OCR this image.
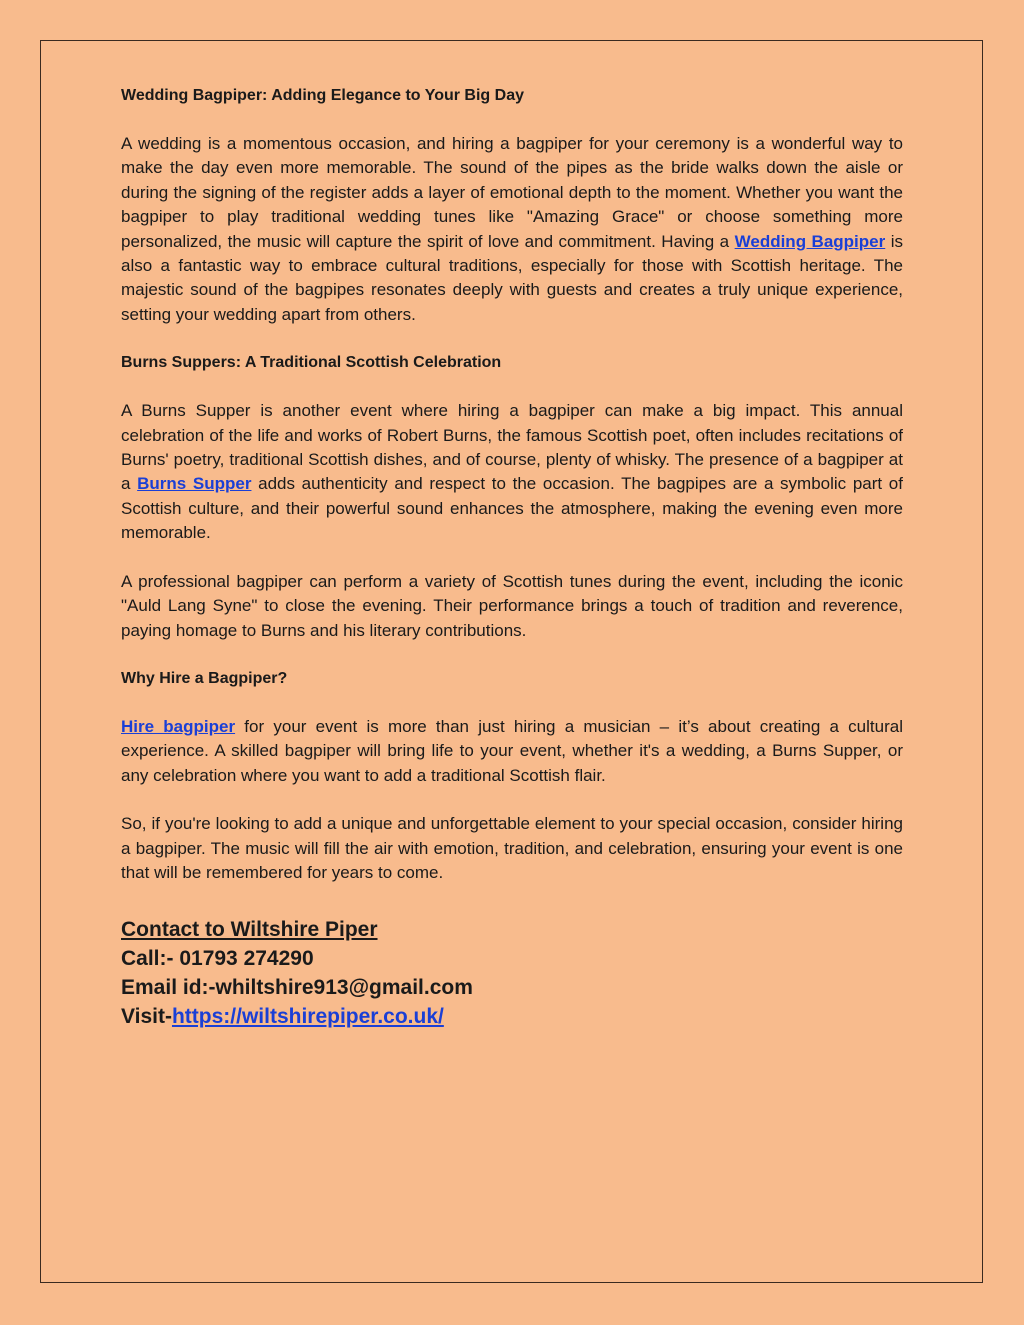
Wedding Bagpiper: Adding Elegance to Your Big Day

A wedding is a momentous occasion, and hiring a bagpiper for your ceremony is a wonderful way to make the day even more memorable. The sound of the pipes as the bride walks down the aisle or during the signing of the register adds a layer of emotional depth to the moment. Whether you want the bagpiper to play traditional wedding tunes like "Amazing Grace" or choose something more personalized, the music will capture the spirit of love and commitment. Having a Wedding Bagpiper is also a fantastic way to embrace cultural traditions, especially for those with Scottish heritage. The majestic sound of the bagpipes resonates deeply with guests and creates a truly unique experience, setting your wedding apart from others.

Burns Suppers: A Traditional Scottish Celebration

A Burns Supper is another event where hiring a bagpiper can make a big impact. This annual celebration of the life and works of Robert Burns, the famous Scottish poet, often includes recitations of Burns' poetry, traditional Scottish dishes, and of course, plenty of whisky. The presence of a bagpiper at a Burns Supper adds authenticity and respect to the occasion. The bagpipes are a symbolic part of Scottish culture, and their powerful sound enhances the atmosphere, making the evening even more memorable.

A professional bagpiper can perform a variety of Scottish tunes during the event, including the iconic "Auld Lang Syne" to close the evening. Their performance brings a touch of tradition and reverence, paying homage to Burns and his literary contributions.

Why Hire a Bagpiper?

Hire bagpiper for your event is more than just hiring a musician – it’s about creating a cultural experience. A skilled bagpiper will bring life to your event, whether it's a wedding, a Burns Supper, or any celebration where you want to add a traditional Scottish flair.

So, if you're looking to add a unique and unforgettable element to your special occasion, consider hiring a bagpiper. The music will fill the air with emotion, tradition, and celebration, ensuring your event is one that will be remembered for years to come.

Contact to Wiltshire Piper
Call:- 01793 274290
Email id:-whiltshire913@gmail.com
Visit-https://wiltshirepiper.co.uk/
